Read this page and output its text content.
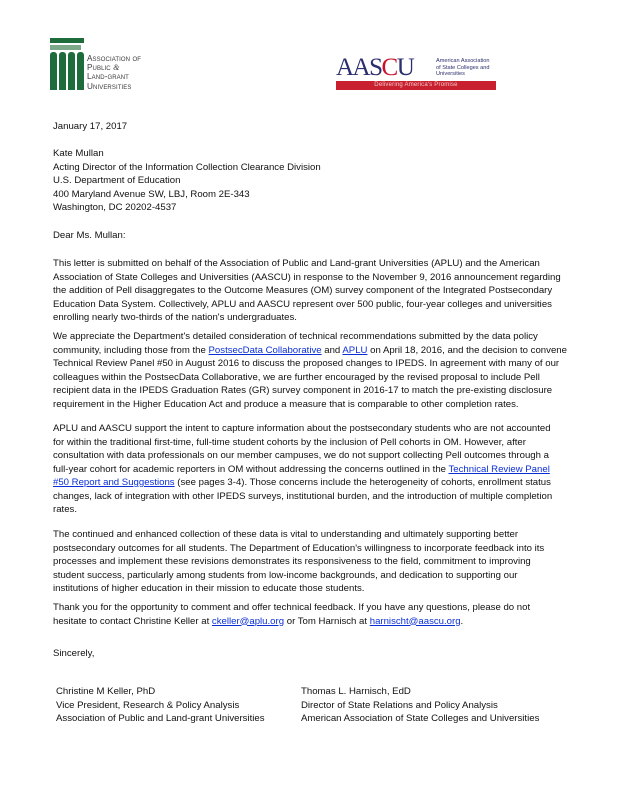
Association of
Public &
Land-grant
Universities
AASCU	American Association
of State Colleges and
Universities
Delivering America's Promise
January 17, 2017
Kate Mullan
Acting Director of the Information Collection Clearance Division
U.S. Department of Education
400 Maryland Avenue SW, LBJ, Room 2E-343
Washington, DC 20202-4537
Dear Ms. Mullan:
This letter is submitted on behalf of the Association of Public and Land-grant Universities (APLU) and the American
Association of State Colleges and Universities (AASCU) in response to the November 9, 2016 announcement regarding
the addition of Pell disaggregates to the Outcome Measures (OM) survey component of the Integrated Postsecondary
Education Data System. Collectively, APLU and AASCU represent over 500 public, four-year colleges and universities
enrolling nearly two-thirds of the nation's undergraduates.
We appreciate the Department's detailed consideration of technical recommendations submitted by the data policy
community, including those from the PostsecData Collaborative and APLU on April 18, 2016, and the decision to convene
Technical Review Panel #50 in August 2016 to discuss the proposed changes to IPEDS. In agreement with many of our
colleagues within the PostsecData Collaborative, we are further encouraged by the revised proposal to include Pell
recipient data in the IPEDS Graduation Rates (GR) survey component in 2016-17 to match the pre-existing disclosure
requirement in the Higher Education Act and produce a measure that is comparable to other completion rates.
APLU and AASCU support the intent to capture information about the postsecondary students who are not accounted
for within the traditional first-time, full-time student cohorts by the inclusion of Pell cohorts in OM. However, after
consultation with data professionals on our member campuses, we do not support collecting Pell outcomes through a
full-year cohort for academic reporters in OM without addressing the concerns outlined in the Technical Review Panel
#50 Report and Suggestions (see pages 3-4). Those concerns include the heterogeneity of cohorts, enrollment status
changes, lack of integration with other IPEDS surveys, institutional burden, and the introduction of multiple completion
rates.
The continued and enhanced collection of these data is vital to understanding and ultimately supporting better
postsecondary outcomes for all students. The Department of Education's willingness to incorporate feedback into its
processes and implement these revisions demonstrates its responsiveness to the field, commitment to improving
student success, particularly among students from low-income backgrounds, and dedication to supporting our
institutions of higher education in their mission to educate those students.
Thank you for the opportunity to comment and offer technical feedback. If you have any questions, please do not
hesitate to contact Christine Keller at ckeller@aplu.org or Tom Harnisch at harnischt@aascu.org.
Sincerely,
Christine M Keller, PhD
Vice President, Research & Policy Analysis
Association of Public and Land-grant Universities
Thomas L. Harnisch, EdD
Director of State Relations and Policy Analysis
American Association of State Colleges and Universities
